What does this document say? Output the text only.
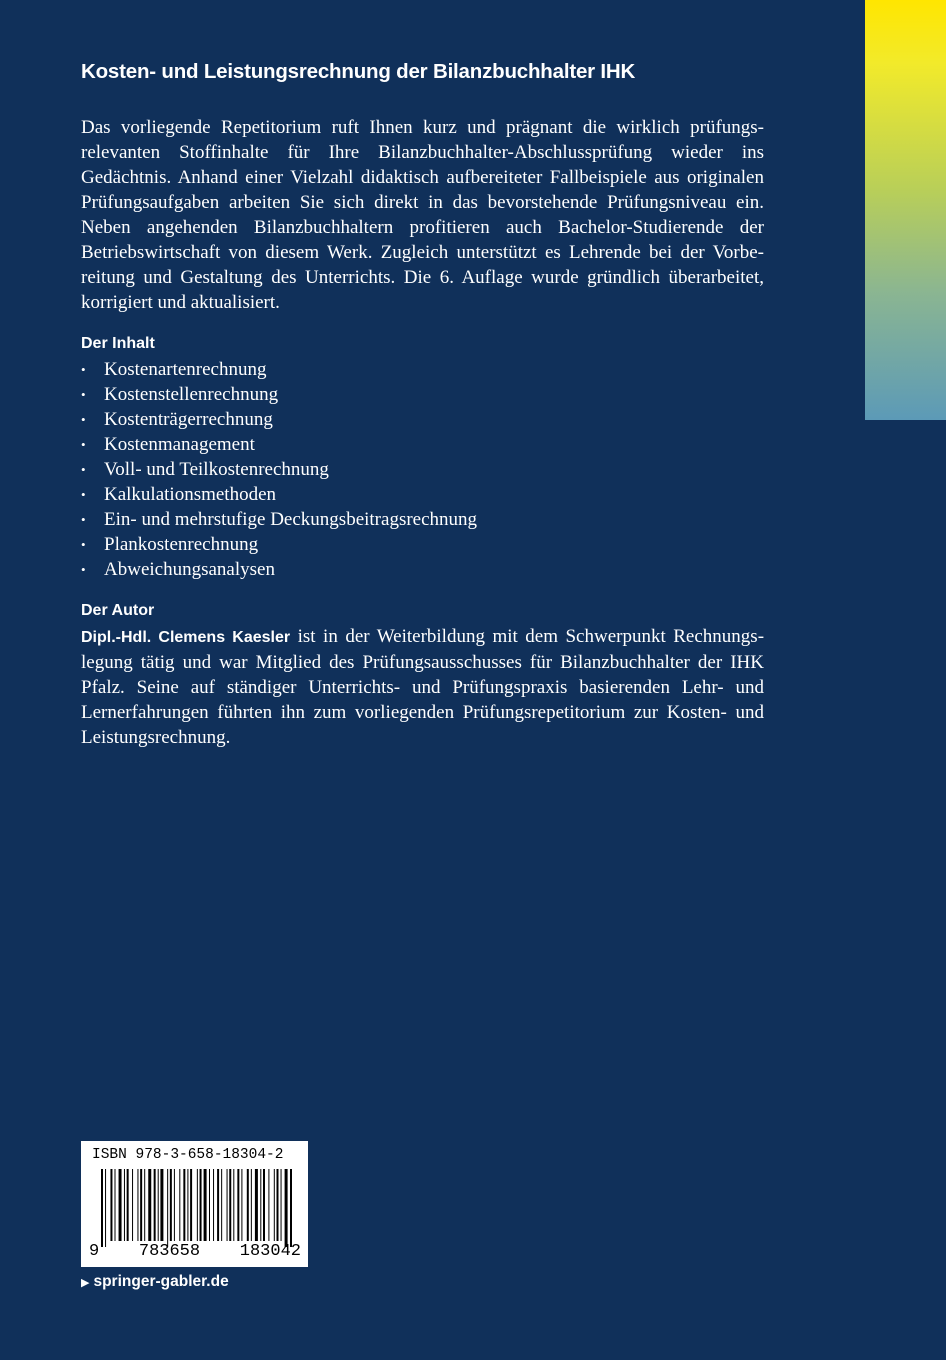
Kosten- und Leistungsrechnung der Bilanzbuchhalter IHK

Das vorliegende Repetitorium ruft Ihnen kurz und prägnant die wirklich prüfungsrelevanten Stoffinhalte für Ihre Bilanzbuchhalter-Abschlussprüfung wieder ins Gedächtnis. Anhand einer Vielzahl didaktisch aufbereiteter Fallbeispiele aus originalen Prüfungsaufgaben arbeiten Sie sich direkt in das bevorstehende Prüfungsniveau ein. Neben angehenden Bilanzbuchhaltern profitieren auch Bachelor-Studierende der Betriebswirtschaft von diesem Werk. Zugleich unterstützt es Lehrende bei der Vorbereitung und Gestaltung des Unterrichts. Die 6. Auflage wurde gründlich überarbeitet, korrigiert und aktualisiert.

Der Inhalt
• Kostenartenrechnung
• Kostenstellenrechnung
• Kostenträgerrechnung
• Kostenmanagement
• Voll- und Teilkostenrechnung
• Kalkulationsmethoden
• Ein- und mehrstufige Deckungsbeitragsrechnung
• Plankostenrechnung
• Abweichungsanalysen
Der Autor

Dipl.-Hdl. Clemens Kaesler ist in der Weiterbildung mit dem Schwerpunkt Rechnungslegung tätig und war Mitglied des Prüfungsausschusses für Bilanzbuchhalter der IHK Pfalz. Seine auf ständiger Unterrichts- und Prüfungspraxis basierenden Lehr- und Lernerfahrungen führten ihn zum vorliegenden Prüfungsrepetitorium zur Kosten- und Leistungsrechnung.

ISBN 978-3-658-18304-2
9 783658 183042
▶ springer-gabler.de
